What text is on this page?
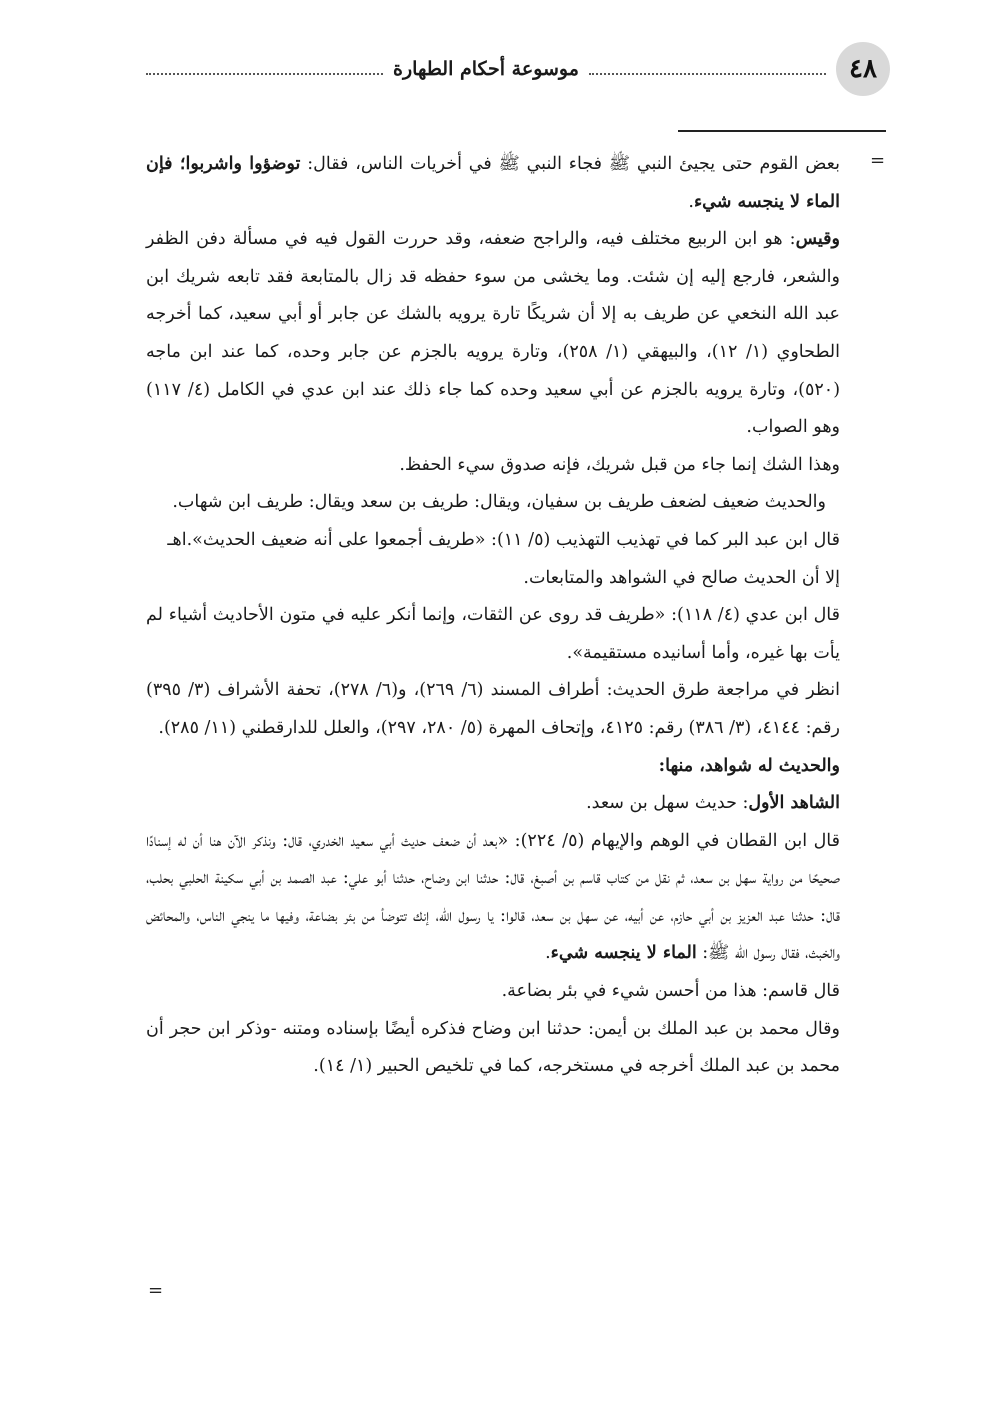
٤٨
موسوعة أحكام الطهارة
=

بعض القوم حتى يجيئ النبي ﷺ فجاء النبي ﷺ في أخريات الناس، فقال: توضؤوا واشربوا؛ فإن الماء لا ينجسه شيء.

وقيس: هو ابن الربيع مختلف فيه، والراجح ضعفه، وقد حررت القول فيه في مسألة دفن الظفر والشعر، فارجع إليه إن شئت. وما يخشى من سوء حفظه قد زال بالمتابعة فقد تابعه شريك ابن عبد الله النخعي عن طريف به إلا أن شريكًا تارة يرويه بالشك عن جابر أو أبي سعيد، كما أخرجه الطحاوي (١/ ١٢)، والبيهقي (١/ ٢٥٨)، وتارة يرويه بالجزم عن جابر وحده، كما عند ابن ماجه (٥٢٠)، وتارة يرويه بالجزم عن أبي سعيد وحده كما جاء ذلك عند ابن عدي في الكامل (٤/ ١١٧) وهو الصواب.

وهذا الشك إنما جاء من قبل شريك، فإنه صدوق سيء الحفظ.

والحديث ضعيف لضعف طريف بن سفيان، ويقال: طريف بن سعد ويقال: طريف ابن شهاب.

قال ابن عبد البر كما في تهذيب التهذيب (٥/ ١١): «طريف أجمعوا على أنه ضعيف الحديث».اهـ

إلا أن الحديث صالح في الشواهد والمتابعات.

قال ابن عدي (٤/ ١١٨): «طريف قد روى عن الثقات، وإنما أنكر عليه في متون الأحاديث أشياء لم يأت بها غيره، وأما أسانيده مستقيمة».

انظر في مراجعة طرق الحديث: أطراف المسند (٦/ ٢٦٩)، و(٦/ ٢٧٨)، تحفة الأشراف (٣/ ٣٩٥) رقم: ٤١٤٤، (٣/ ٣٨٦) رقم: ٤١٢٥، وإتحاف المهرة (٥/ ٢٨٠، ٢٩٧)، والعلل للدارقطني (١١/ ٢٨٥).

والحديث له شواهد، منها:

الشاهد الأول: حديث سهل بن سعد.

قال ابن القطان في الوهم والإيهام (٥/ ٢٢٤): «بعد أن ضعف حديث أبي سعيد الخدري، قال: ونذكر الآن هنا أن له إسنادًا صحيحًا من رواية سهل بن سعد، ثم نقل من كتاب قاسم بن أصبغ، قال: حدثنا ابن وضاح، حدثنا أبو علي: عبد الصمد بن أبي سكينة الحلبي بحلب، قال: حدثنا عبد العزيز بن أبي حازم، عن أبيه، عن سهل بن سعد، قالوا: يا رسول الله، إنك تتوضأ من بئر بضاعة، وفيها ما ينجي الناس، والمحائض والخبث، فقال رسول الله ﷺ: الماء لا ينجسه شيء.

قال قاسم: هذا من أحسن شيء في بئر بضاعة.

وقال محمد بن عبد الملك بن أيمن: حدثنا ابن وضاح فذكره أيضًا بإسناده ومتنه -وذكر ابن حجر أن محمد بن عبد الملك أخرجه في مستخرجه، كما في تلخيص الحبير (١/ ١٤).

=
